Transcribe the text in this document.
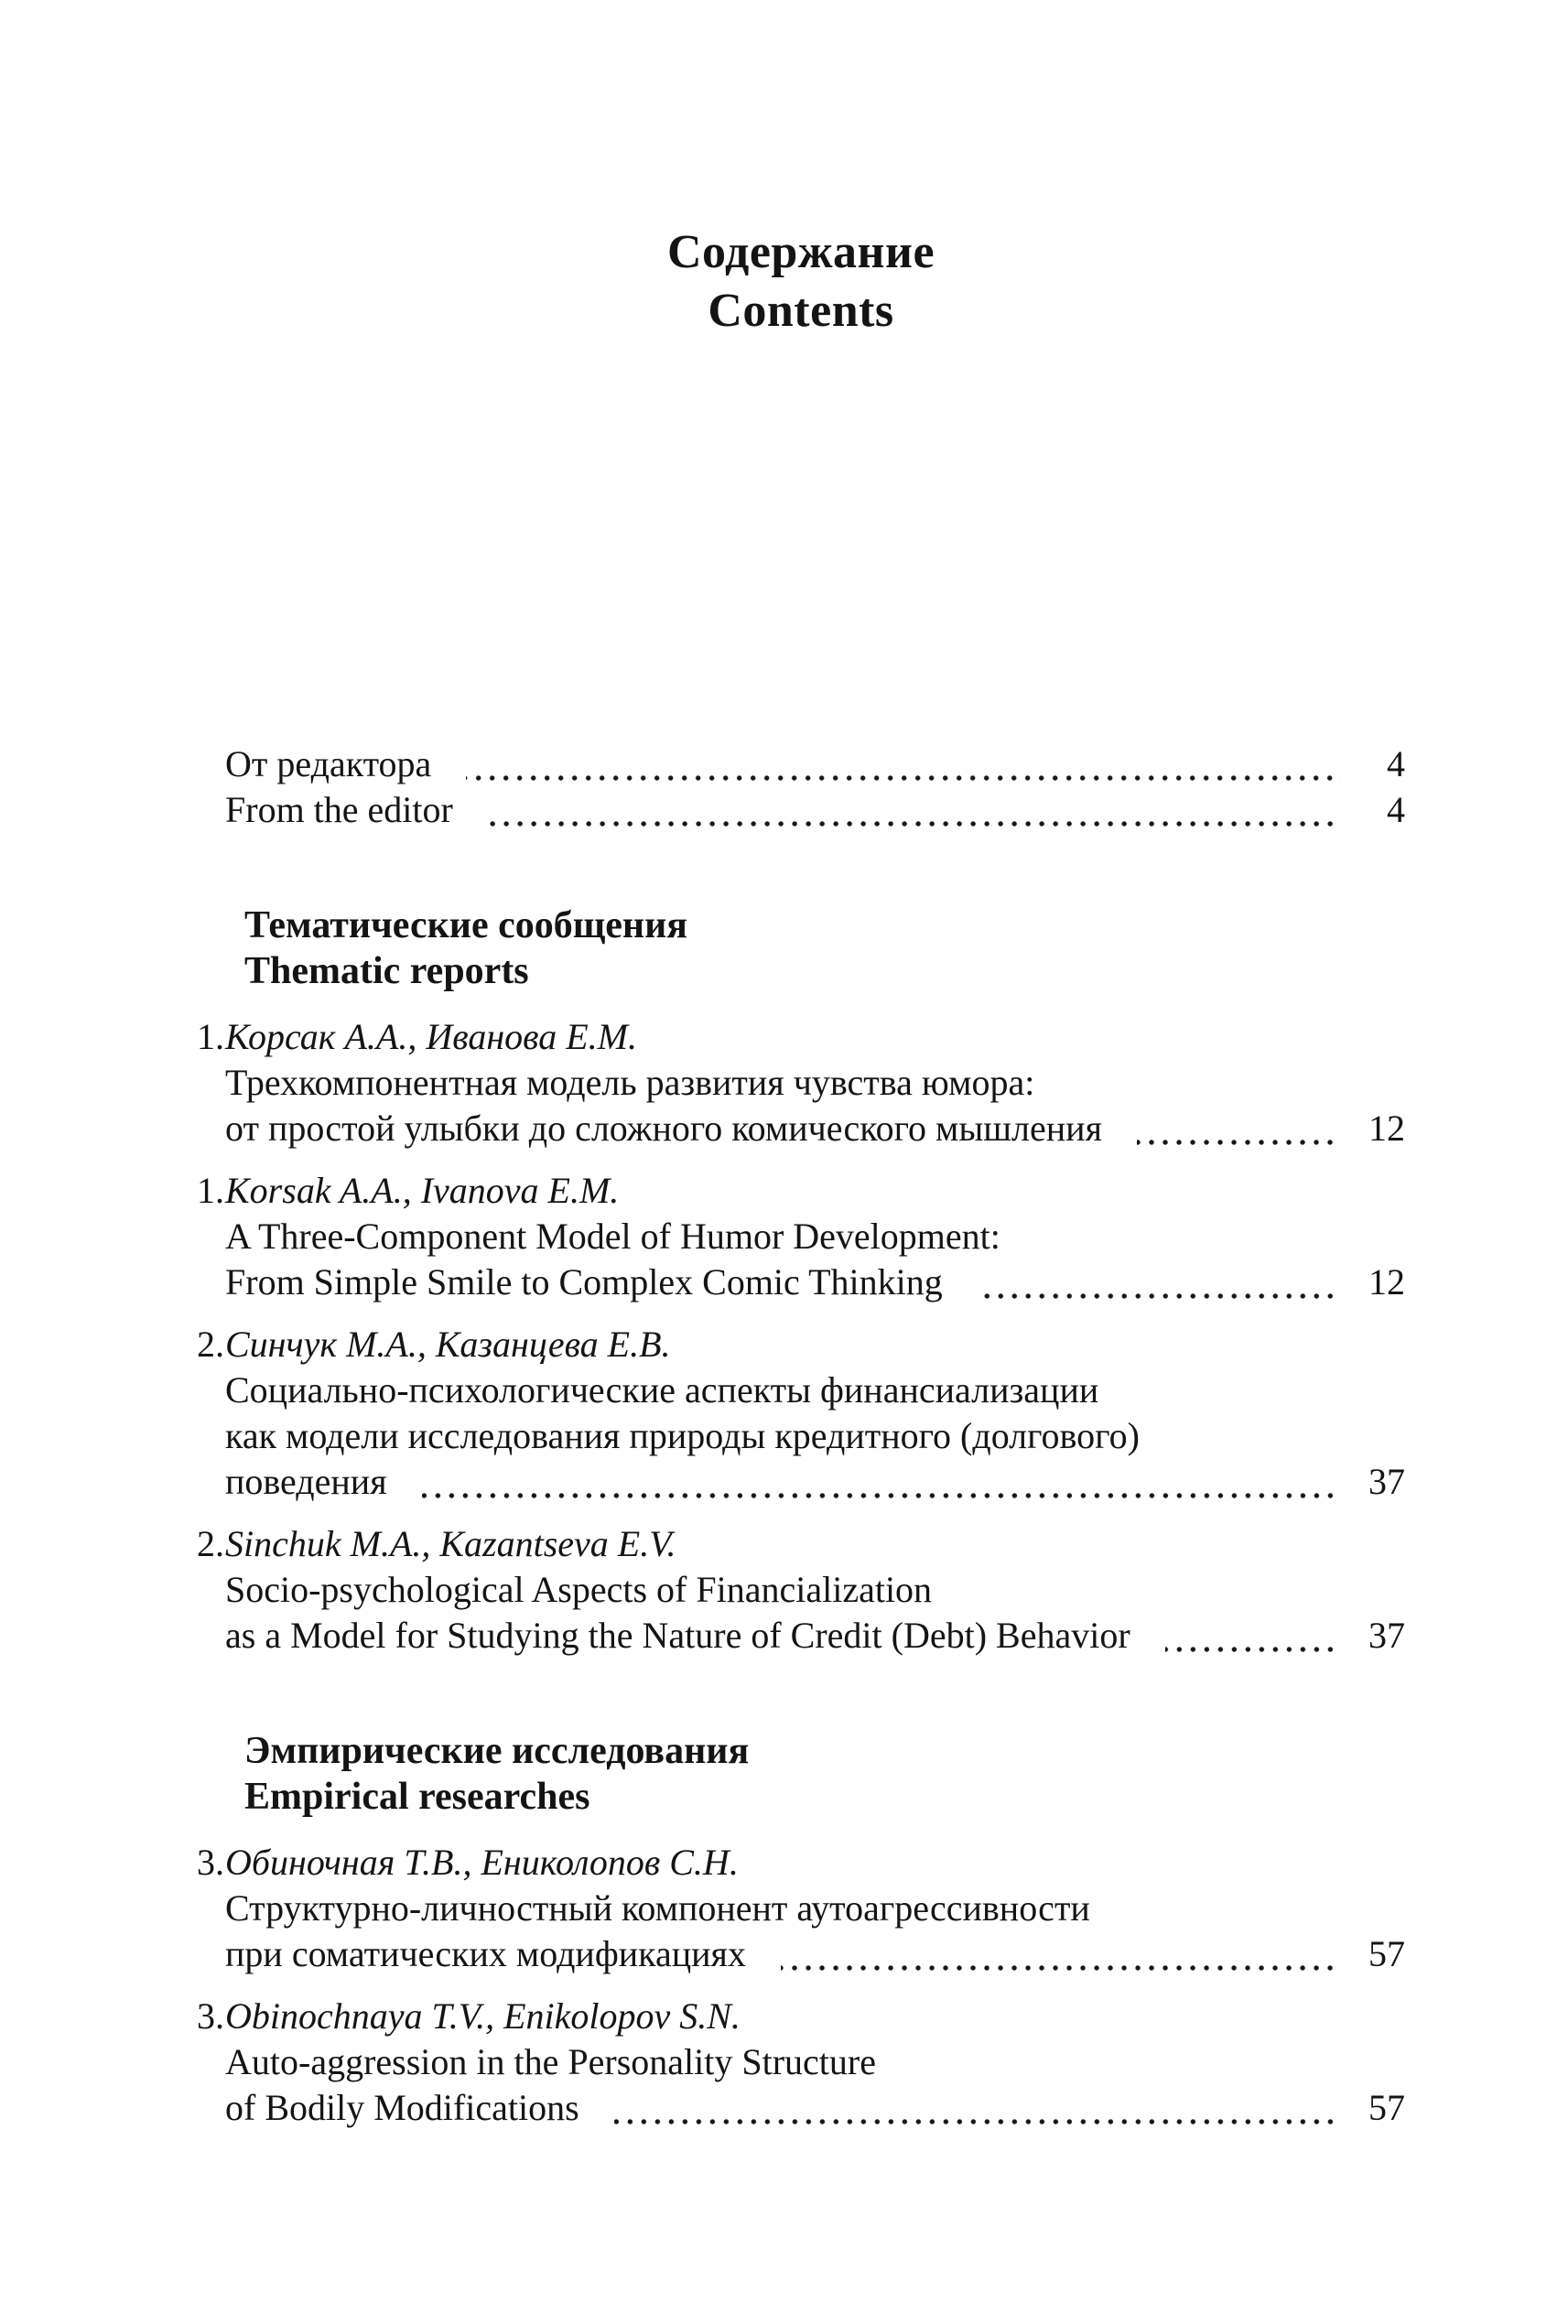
Содержание
Contents
От редактора	4
From the editor	4
Тематические сообщения
Thematic reports
1.Корсак А.А., Иванова Е.М.
Трехкомпонентная модель развития чувства юмора:
от простой улыбки до сложного комического мышления	12
1.Korsak A.A., Ivanova E.M.
A Three-Component Model of Humor Development:
From Simple Smile to Complex Comic Thinking	12
2.Синчук М.А., Казанцева Е.В.
Социально-психологические аспекты финансиализации
как модели исследования природы кредитного (долгового)
поведения	37
2.Sinchuk M.A., Kazantseva E.V.
Socio-psychological Aspects of Financialization
as a Model for Studying the Nature of Credit (Debt) Behavior	37
Эмпирические исследования
Empirical researches
3.Обиночная Т.В., Ениколопов С.Н.
Структурно-личностный компонент аутоагрессивности
при соматических модификациях	57
3.Obinochnaya T.V., Enikolopov S.N.
Auto-aggression in the Personality Structure
of Bodily Modifications	57
